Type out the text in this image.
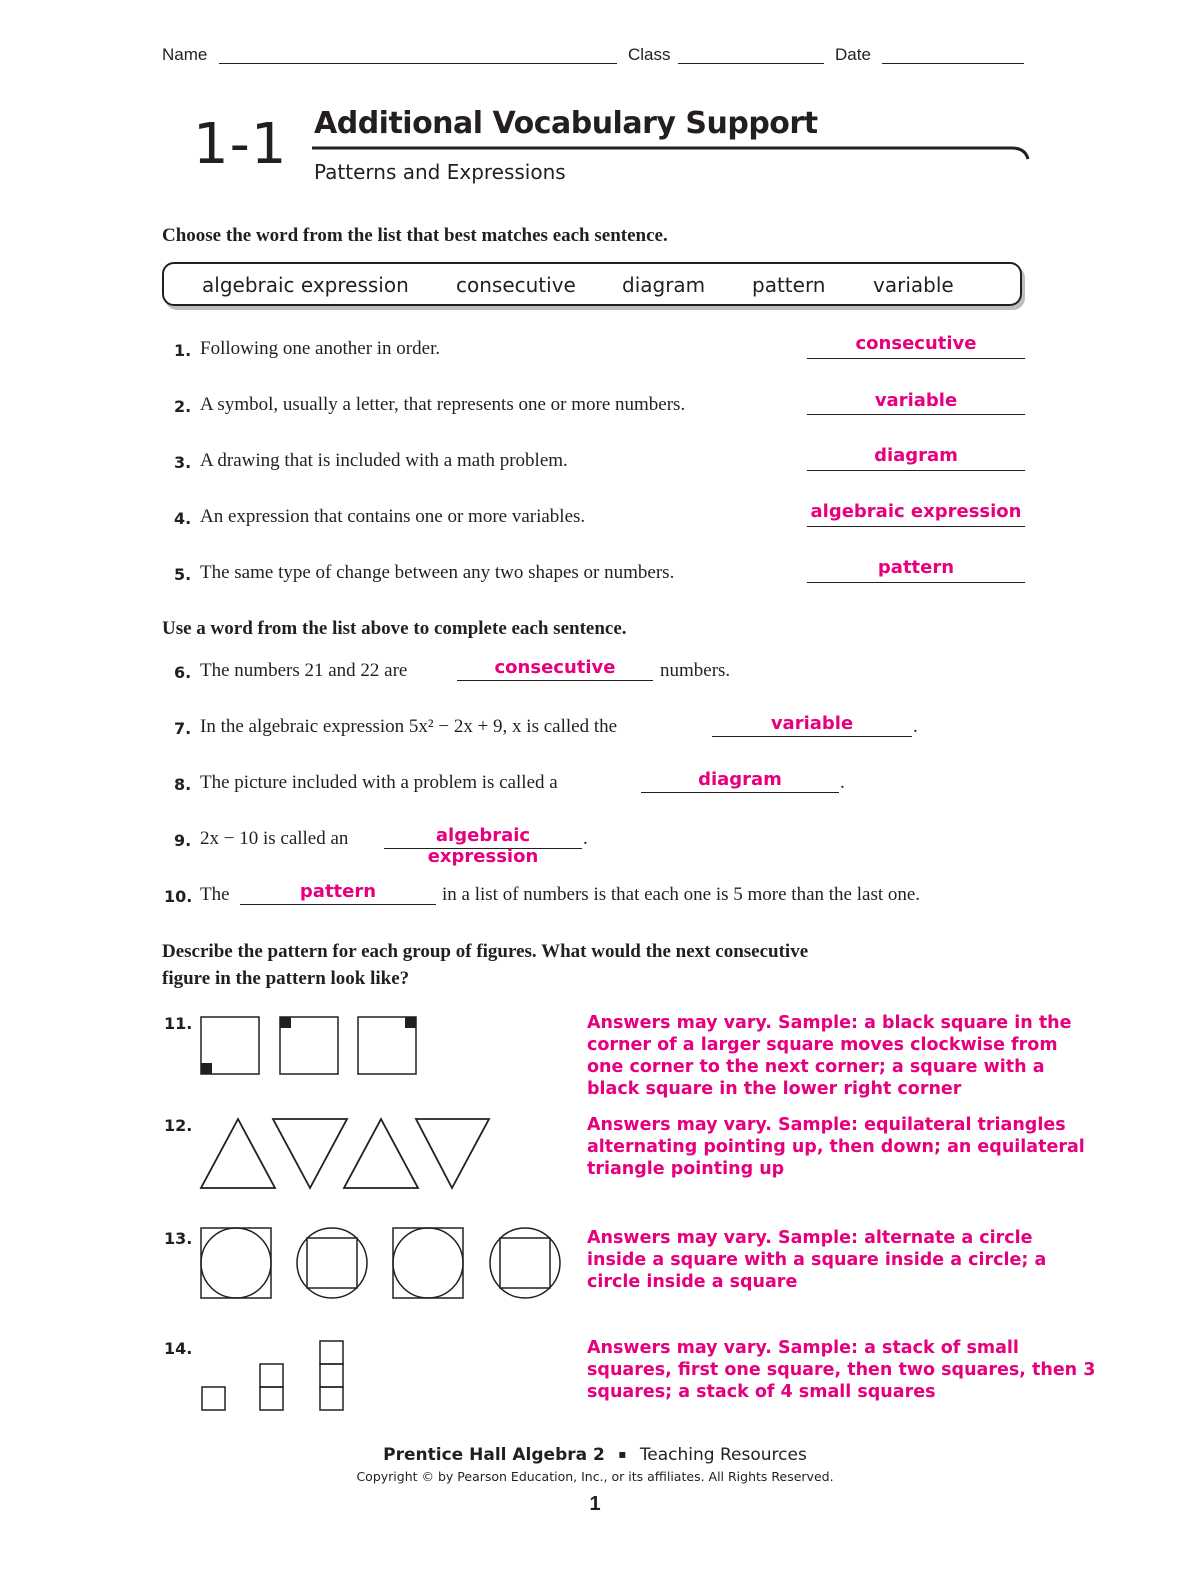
Name	Class	Date
1-1 Additional Vocabulary Support
Patterns and Expressions
Choose the word from the list that best matches each sentence.
algebraic expression consecutive diagram pattern variable
1. Following one another in order.	consecutive
2. A symbol, usually a letter, that represents one or more numbers.	variable
3. A drawing that is included with a math problem.	diagram
4. An expression that contains one or more variables.	algebraic expression
5. The same type of change between any two shapes or numbers.	pattern
Use a word from the list above to complete each sentence.
6. The numbers 21 and 22 are	consecutive	numbers.
7. In the algebraic expression 5x² − 2x + 9, x is called the	variable	.
8. The picture included with a problem is called a	diagram	.
9. 2x − 10 is called an	algebraic expression
.
10. The	pattern	in a list of numbers is that each one is 5 more than the last one.
Describe the pattern for each group of figures. What would the next consecutive
figure in the pattern look like?
11.	Answers may vary. Sample: a black square in the corner of a larger square moves clockwise from one corner to the next corner; a square with a black square in the lower right corner
12.	Answers may vary. Sample: equilateral triangles alternating pointing up, then down; an equilateral triangle pointing up
13.	Answers may vary. Sample: alternate a circle inside a square with a square inside a circle; a circle inside a square
14.	Answers may vary. Sample: a stack of small squares, first one square, then two squares, then 3 squares; a stack of 4 small squares
Prentice Hall Algebra 2 ▪ Teaching Resources
Copyright © by Pearson Education, Inc., or its affiliates. All Rights Reserved.
1
